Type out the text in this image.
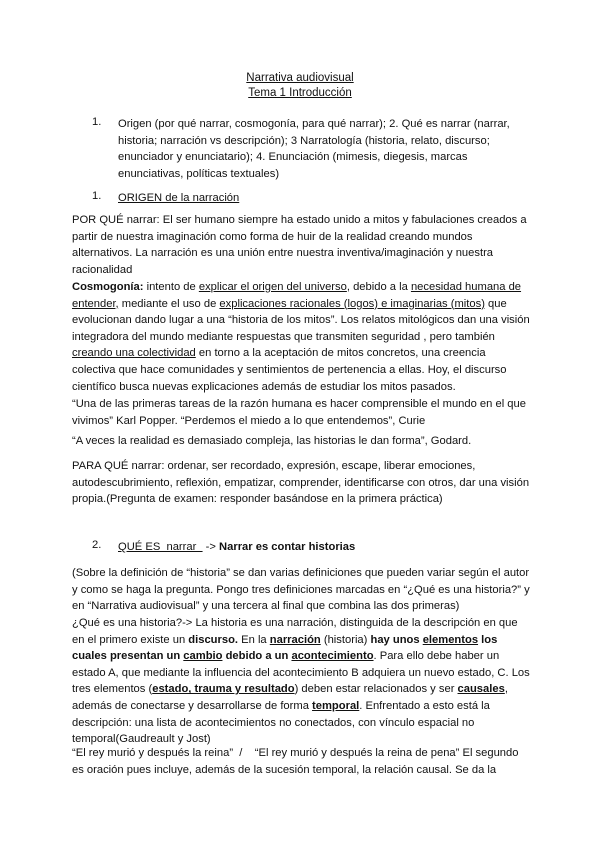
Narrativa audiovisual
Tema 1 Introducción
1. Origen (por qué narrar, cosmogonía, para qué narrar); 2. Qué es narrar (narrar, historia; narración vs descripción); 3 Narratología (historia, relato, discurso; enunciador y enunciatario); 4. Enunciación (mimesis, diegesis, marcas enunciativas, políticas textuales)

1. ORIGEN de la narración

POR QUÉ narrar: El ser humano siempre ha estado unido a mitos y fabulaciones creados a partir de nuestra imaginación como forma de huir de la realidad creando mundos alternativos. La narración es una unión entre nuestra inventiva/imaginación y nuestra racionalidad

Cosmogonía: intento de explicar el origen del universo, debido a la necesidad humana de entender, mediante el uso de explicaciones racionales (logos) e imaginarias (mitos) que evolucionan dando lugar a una “historia de los mitos”. Los relatos mitológicos dan una visión integradora del mundo mediante respuestas que transmiten seguridad , pero también creando una colectividad en torno a la aceptación de mitos concretos, una creencia colectiva que hace comunidades y sentimientos de pertenencia a ellas. Hoy, el discurso científico busca nuevas explicaciones además de estudiar los mitos pasados.

“Una de las primeras tareas de la razón humana es hacer comprensible el mundo en el que vivimos” Karl Popper. “Perdemos el miedo a lo que entendemos”, Curie

“A veces la realidad es demasiado compleja, las historias le dan forma”, Godard.

PARA QUÉ narrar: ordenar, ser recordado, expresión, escape, liberar emociones, autodescubrimiento, reflexión, empatizar, comprender, identificarse con otros, dar una visión propia.(Pregunta de examen: responder basándose en la primera práctica)

2. QUÉ ES  narrar   -> Narrar es contar historias

(Sobre la definición de “historia” se dan varias definiciones que pueden variar según el autor y como se haga la pregunta. Pongo tres definiciones marcadas en “¿Qué es una historia?” y en “Narrativa audiovisual” y una tercera al final que combina las dos primeras)

¿Qué es una historia?-> La historia es una narración, distinguida de la descripción en que en el primero existe un discurso. En la narración (historia) hay unos elementos los cuales presentan un cambio debido a un acontecimiento. Para ello debe haber un estado A, que mediante la influencia del acontecimiento B adquiera un nuevo estado, C. Los tres elementos (estado, trauma y resultado) deben estar relacionados y ser causales, además de conectarse y desarrollarse de forma temporal. Enfrentado a esto está la descripción: una lista de acontecimientos no conectados, con vínculo espacial no temporal(Gaudreault y Jost)

“El rey murió y después la reina”  /    “El rey murió y después la reina de pena” El segundo es oración pues incluye, además de la sucesión temporal, la relación causal. Se da la
